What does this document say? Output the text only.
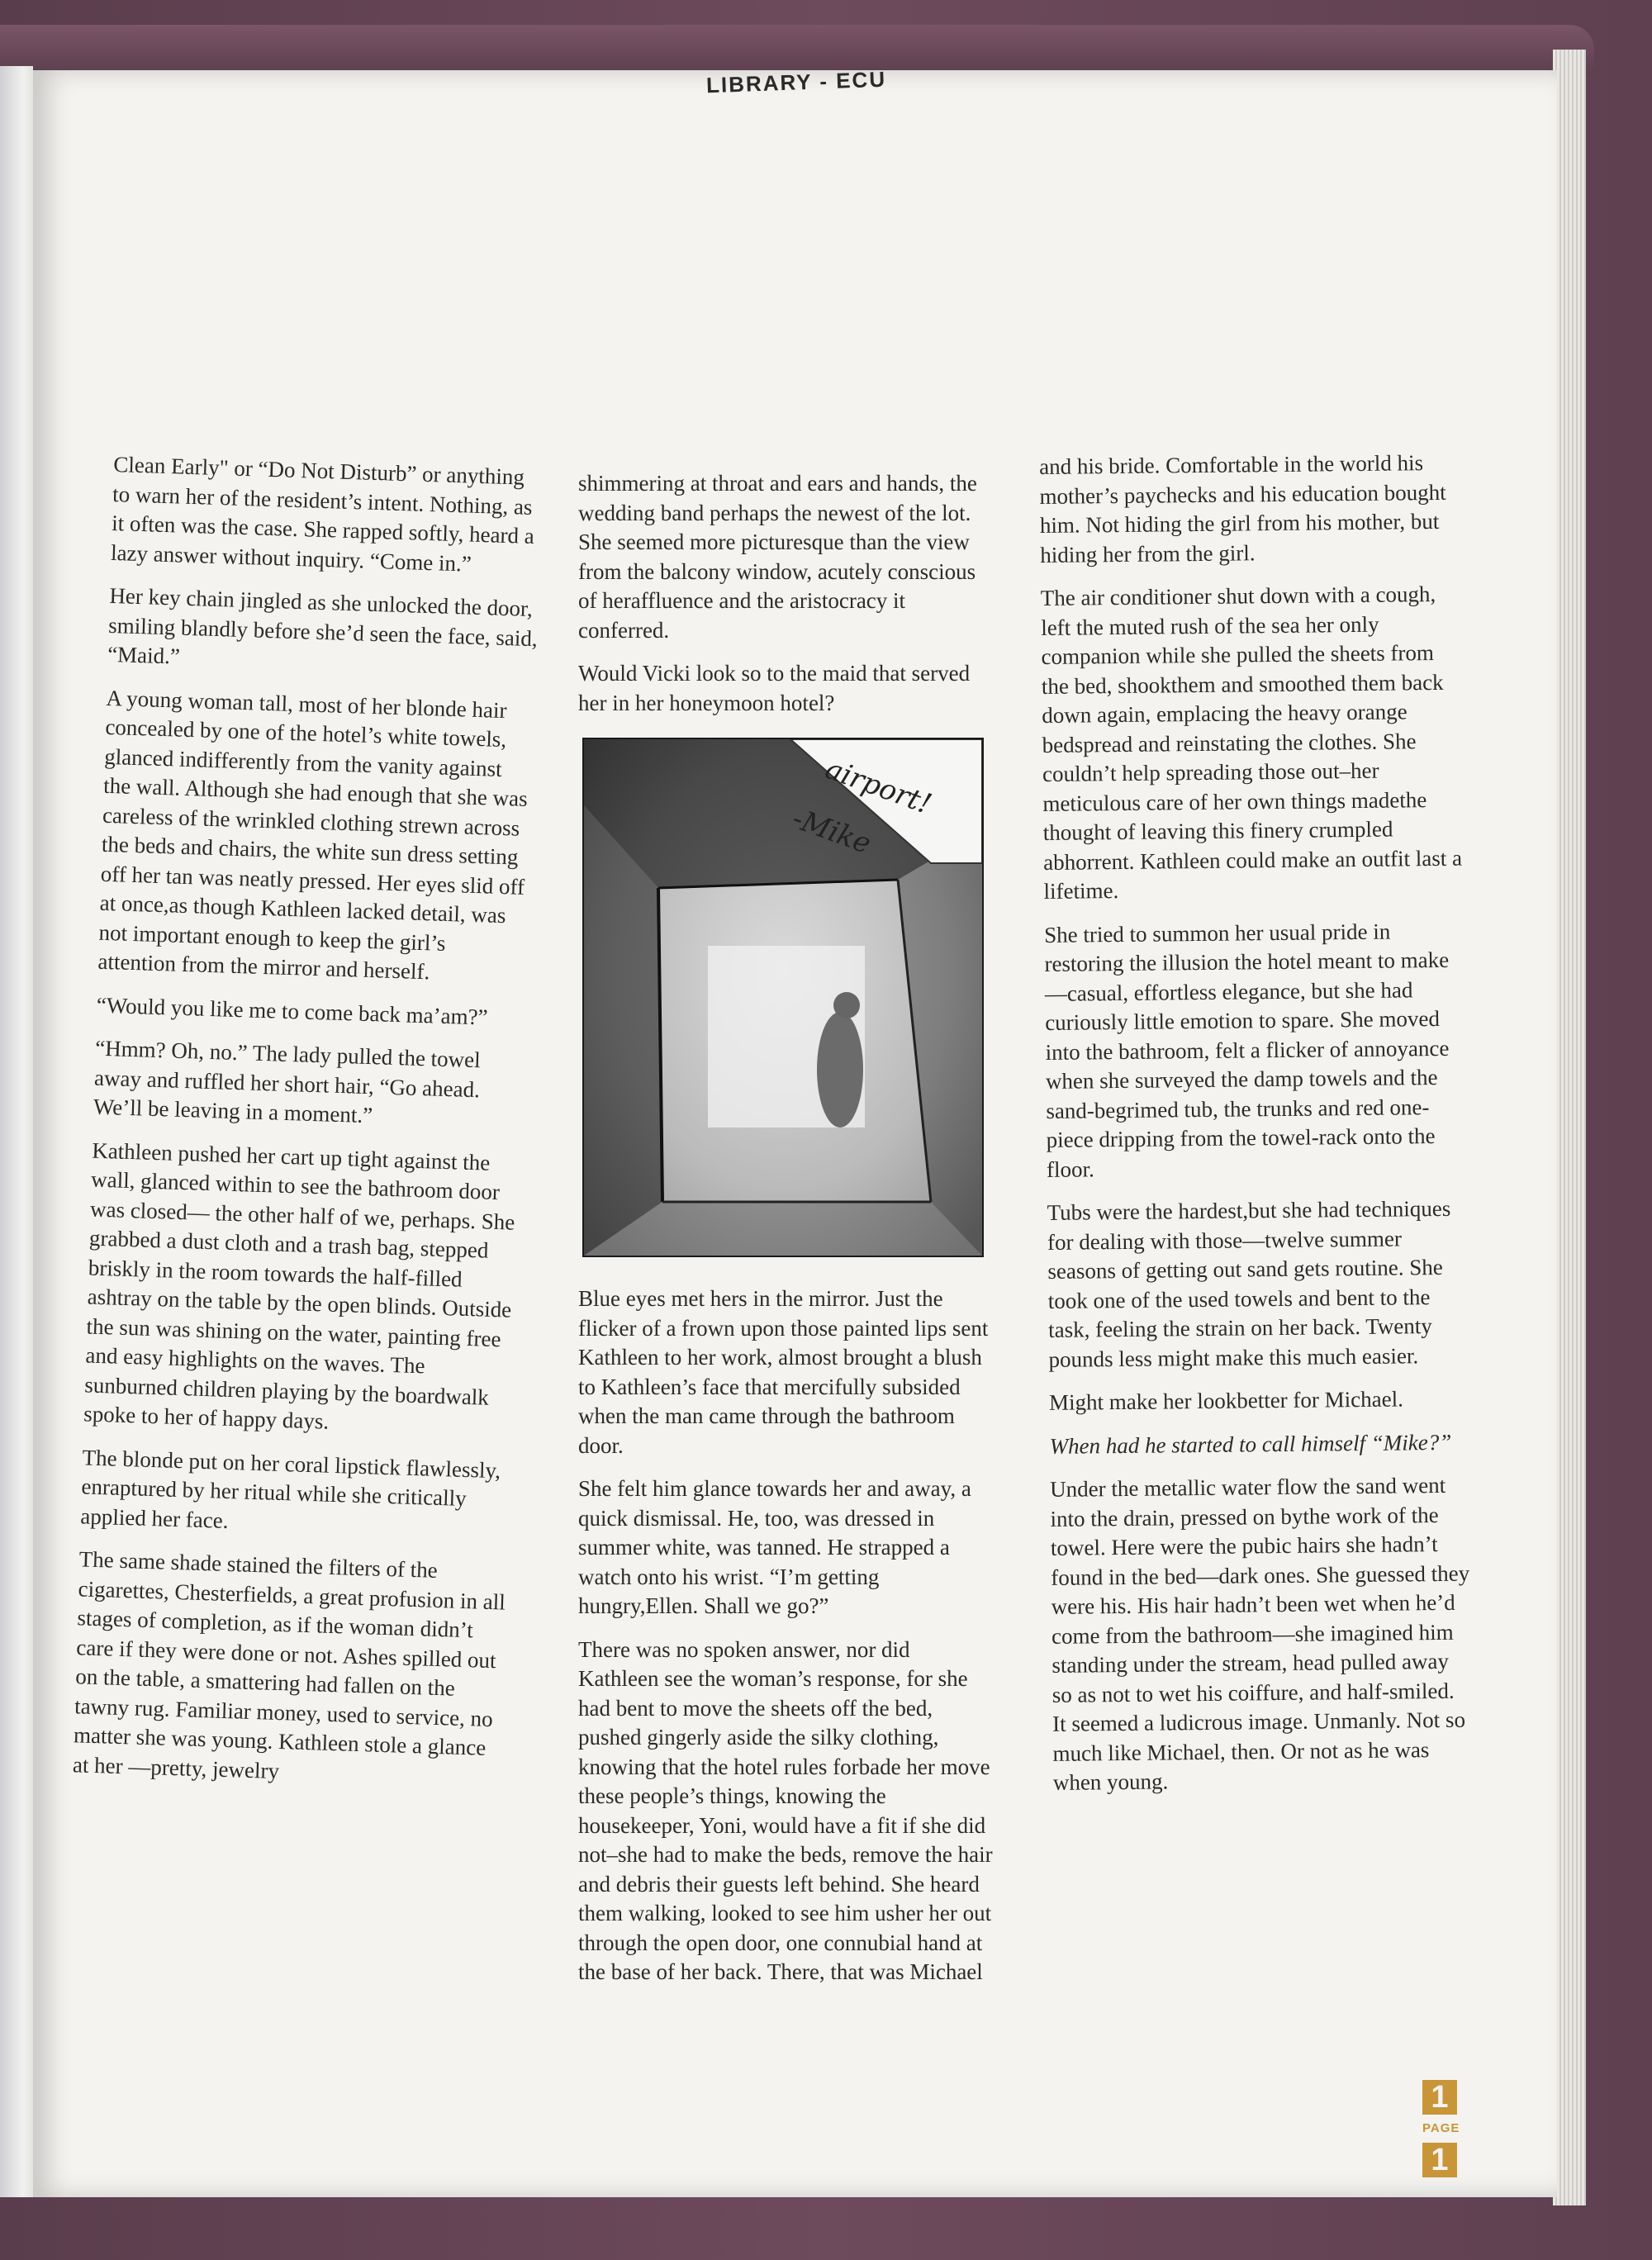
LIBRARY - ECU

Clean Early" or “Do Not Disturb” or anything to warn her of the resident’s intent. Nothing, as it often was the case. She rapped softly, heard a lazy answer without inquiry. “Come in.”

Her key chain jingled as she unlocked the door, smiling blandly before she’d seen the face, said, “Maid.”

A young woman tall, most of her blonde hair concealed by one of the hotel’s white towels, glanced indifferently from the vanity against the wall. Although she had enough that she was careless of the wrinkled clothing strewn across the beds and chairs, the white sun dress setting off her tan was neatly pressed. Her eyes slid off at once,as though Kathleen lacked detail, was not important enough to keep the girl’s attention from the mirror and herself.

“Would you like me to come back ma’am?”

“Hmm? Oh, no.” The lady pulled the towel away and ruffled her short hair, “Go ahead. We’ll be leaving in a moment.”

Kathleen pushed her cart up tight against the wall, glanced within to see the bathroom door was closed— the other half of we, perhaps. She grabbed a dust cloth and a trash bag, stepped briskly in the room towards the half-filled ashtray on the table by the open blinds. Outside the sun was shining on the water, painting free and easy highlights on the waves. The sunburned children playing by the boardwalk spoke to her of happy days.

The blonde put on her coral lipstick flawlessly, enraptured by her ritual while she critically applied her face.

The same shade stained the filters of the cigarettes, Chesterfields, a great profusion in all stages of completion, as if the woman didn’t care if they were done or not. Ashes spilled out on the table, a smattering had fallen on the tawny rug. Familiar money, used to service, no matter she was young. Kathleen stole a glance at her —pretty, jewelry

shimmering at throat and ears and hands, the wedding band perhaps the newest of the lot. She seemed more picturesque than the view from the balcony window, acutely conscious of heraffluence and the aristocracy it conferred.

Would Vicki look so to the maid that served her in her honeymoon hotel?

airport!
-Mike

Blue eyes met hers in the mirror. Just the flicker of a frown upon those painted lips sent Kathleen to her work, almost brought a blush to Kathleen’s face that mercifully subsided when the man came through the bathroom door.

She felt him glance towards her and away, a quick dismissal. He, too, was dressed in summer white, was tanned. He strapped a watch onto his wrist. “I’m getting hungry,Ellen. Shall we go?”

There was no spoken answer, nor did Kathleen see the woman’s response, for she had bent to move the sheets off the bed, pushed gingerly aside the silky clothing, knowing that the hotel rules forbade her move these people’s things, knowing the housekeeper, Yoni, would have a fit if she did not–she had to make the beds, remove the hair and debris their guests left behind. She heard them walking, looked to see him usher her out through the open door, one connubial hand at the base of her back. There, that was Michael

and his bride. Comfortable in the world his mother’s paychecks and his education bought him. Not hiding the girl from his mother, but hiding her from the girl.

The air conditioner shut down with a cough, left the muted rush of the sea her only companion while she pulled the sheets from the bed, shookthem and smoothed them back down again, emplacing the heavy orange bedspread and reinstating the clothes. She couldn’t help spreading those out–her meticulous care of her own things madethe thought of leaving this finery crumpled abhorrent. Kathleen could make an outfit last a lifetime.

She tried to summon her usual pride in restoring the illusion the hotel meant to make—casual, effortless elegance, but she had curiously little emotion to spare. She moved into the bathroom, felt a flicker of annoyance when she surveyed the damp towels and the sand-begrimed tub, the trunks and red one-piece dripping from the towel-rack onto the floor.

Tubs were the hardest,but she had techniques for dealing with those—twelve summer seasons of getting out sand gets routine. She took one of the used towels and bent to the task, feeling the strain on her back. Twenty pounds less might make this much easier.

Might make her lookbetter for Michael.

When had he started to call himself “Mike?”

Under the metallic water flow the sand went into the drain, pressed on bythe work of the towel. Here were the pubic hairs she hadn’t found in the bed—dark ones. She guessed they were his. His hair hadn’t been wet when he’d come from the bathroom—she imagined him standing under the stream, head pulled away so as not to wet his coiffure, and half-smiled. It seemed a ludicrous image. Unmanly. Not so much like Michael, then. Or not as he was when young.

1
PAGE
1
